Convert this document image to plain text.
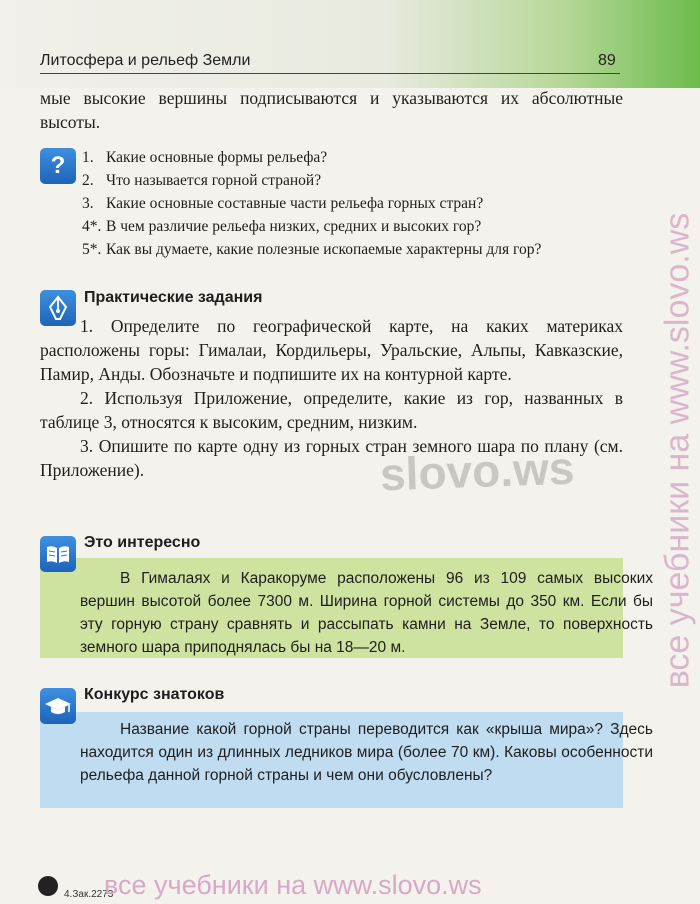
Литосфера и рельеф Земли	89
мые высокие вершины подписываются и указываются их абсолютные высоты.
? 1. Какие основные формы рельефа?
2. Что называется горной страной?
3. Какие основные составные части рельефа горных стран?
4*. В чем различие рельефа низких, средних и высоких гор?
5*. Как вы думаете, какие полезные ископаемые характерны для гор?
Практические задания

1. Определите по географической карте, на каких материках расположены горы: Гималаи, Кордильеры, Уральские, Альпы, Кавказские, Памир, Анды. Обозначьте и подпишите их на контурной карте.

2. Используя Приложение, определите, какие из гор, названных в таблице 3, относятся к высоким, средним, низким.

3. Опишите по карте одну из горных стран земного шара по плану (см. Приложение).

В Гималаях и Каракоруме расположены 96 из 109 самых высоких вершин высотой более 7300 м. Ширина горной системы до 350 км. Если бы эту горную страну сравнять и рассыпать камни на Земле, то поверхность земного шара приподнялась бы на 18—20 м.
Это интересно
Название какой горной страны переводится как «крыша мира»? Здесь находится один из длинных ледников мира (более 70 км). Каковы особенности рельефа данной горной страны и чем они обусловлены?
Конкурс знатоков
slovo.ws все учебники на www.slovo.ws
4.Зак.2273
все учебники на www.slovo.ws
